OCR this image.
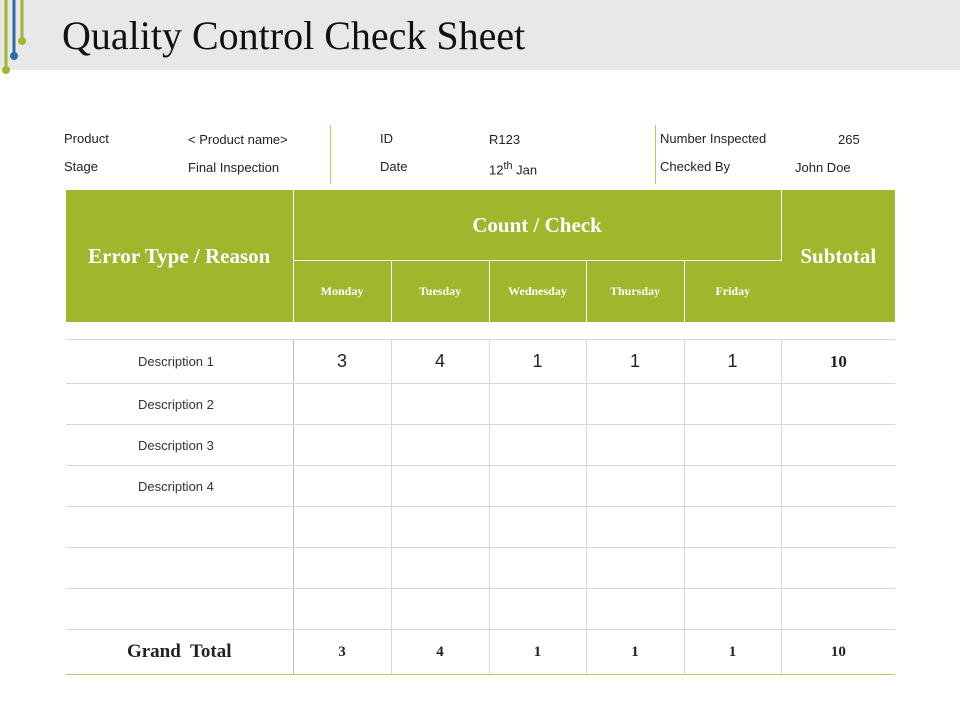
Quality Control Check Sheet
Product	< Product name>
Stage	Final Inspection
ID	R123
Date	12th Jan
Number Inspected	265
Checked By	John Doe
Error Type / Reason	Count / Check					Subtotal
	Monday	Tuesday	Wednesday	Thursday	Friday	

Description 1	3	4	1	1	1	10
Description 2						
Description 3						
Description 4						

Grand  Total	3	4	1	1	1	10
